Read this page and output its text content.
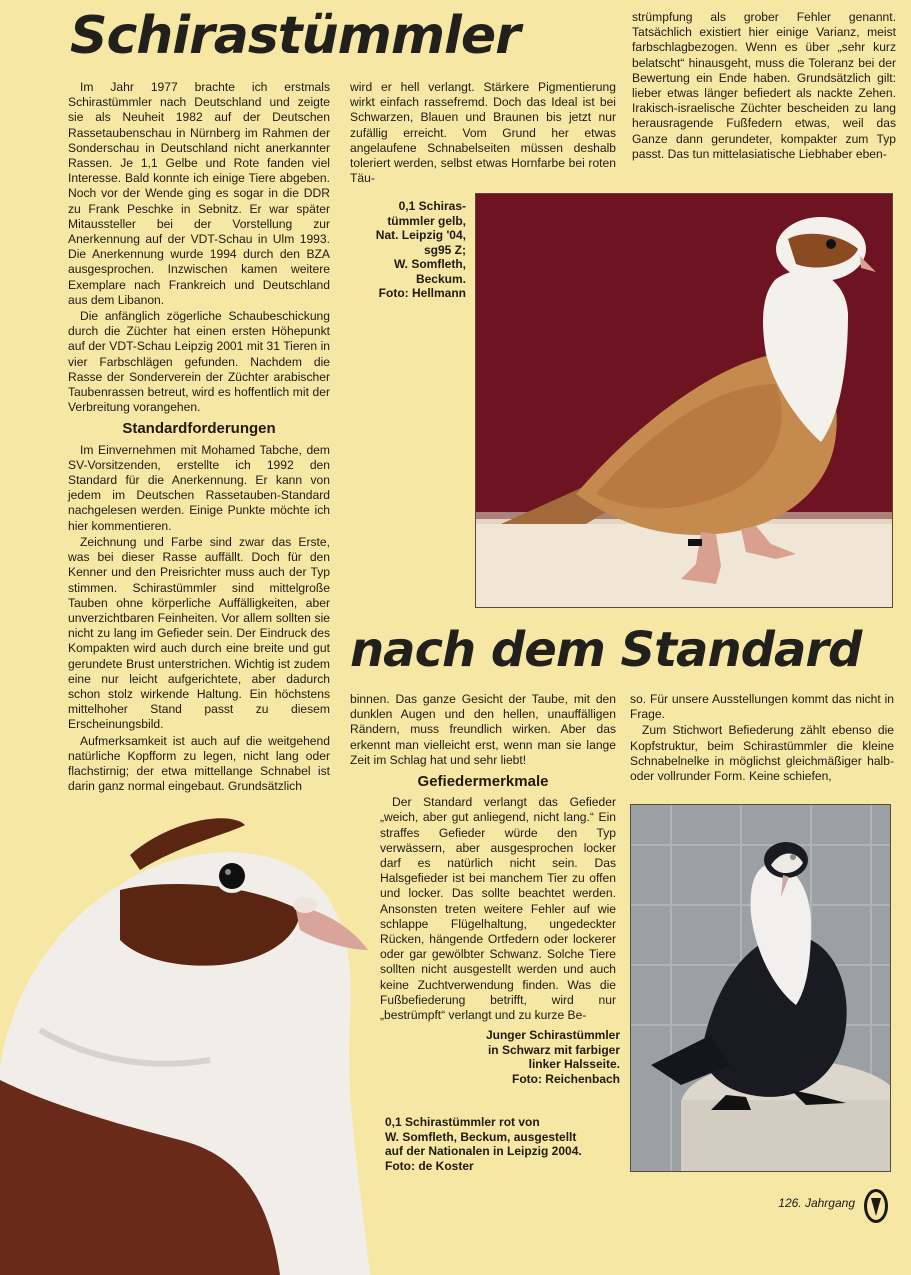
Schirastümmler

Im Jahr 1977 brachte ich erstmals Schirastümmler nach Deutschland und zeigte sie als Neuheit 1982 auf der Deutschen Rassetaubenschau in Nürnberg im Rahmen der Sonderschau in Deutschland nicht anerkannter Rassen. Je 1,1 Gelbe und Rote fanden viel Interesse. Bald konnte ich einige Tiere abgeben. Noch vor der Wende ging es sogar in die DDR zu Frank Peschke in Sebnitz. Er war später Mitaussteller bei der Vorstellung zur Anerkennung auf der VDT-Schau in Ulm 1993. Die Anerkennung wurde 1994 durch den BZA ausgesprochen. Inzwischen kamen weitere Exemplare nach Frankreich und Deutschland aus dem Libanon.

Die anfänglich zögerliche Schaubeschickung durch die Züchter hat einen ersten Höhepunkt auf der VDT-Schau Leipzig 2001 mit 31 Tieren in vier Farbschlägen gefunden. Nachdem die Rasse der Sonderverein der Züchter arabischer Taubenrassen betreut, wird es hoffentlich mit der Verbreitung vorangehen.

Standardforderungen

Im Einvernehmen mit Mohamed Tabche, dem SV-Vorsitzenden, erstellte ich 1992 den Standard für die Anerkennung. Er kann von jedem im Deutschen Rassetauben-Standard nachgelesen werden. Einige Punkte möchte ich hier kommentieren.

Zeichnung und Farbe sind zwar das Erste, was bei dieser Rasse auffällt. Doch für den Kenner und den Preisrichter muss auch der Typ stimmen. Schirastümmler sind mittelgroße Tauben ohne körperliche Auffälligkeiten, aber unverzichtbaren Feinheiten. Vor allem sollten sie nicht zu lang im Gefieder sein. Der Eindruck des Kompakten wird auch durch eine breite und gut gerundete Brust unterstrichen. Wichtig ist zudem eine nur leicht aufgerichtete, aber dadurch schon stolz wirkende Haltung. Ein höchstens mittelhoher Stand passt zu diesem Erscheinungsbild.

Aufmerksamkeit ist auch auf die weitgehend natürliche Kopfform zu legen, nicht lang oder flachstirnig; der etwa mittellange Schnabel ist darin ganz normal eingebaut. Grundsätzlich

wird er hell verlangt. Stärkere Pigmentierung wirkt einfach rassefremd. Doch das Ideal ist bei Schwarzen, Blauen und Braunen bis jetzt nur zufällig erreicht. Vom Grund her etwas angelaufene Schnabelseiten müssen deshalb toleriert werden, selbst etwas Hornfarbe bei roten Täu-

strümpfung als grober Fehler genannt. Tatsächlich existiert hier einige Varianz, meist farbschlagbezogen. Wenn es über „sehr kurz belatscht“ hinausgeht, muss die Toleranz bei der Bewertung ein Ende haben. Grundsätzlich gilt: lieber etwas länger befiedert als nackte Zehen. Irakisch-israelische Züchter bescheiden zu lang herausragende Fußfedern etwas, weil das Ganze dann gerundeter, kompakter zum Typ passt. Das tun mittelasiatische Liebhaber eben-

0,1 Schiras-
tümmler gelb,
Nat. Leipzig '04,
sg95 Z;
W. Somfleth,
Beckum.
Foto: Hellmann
nach dem Standard

binnen. Das ganze Gesicht der Taube, mit den dunklen Augen und den hellen, unauffälligen Rändern, muss freundlich wirken. Aber das erkennt man vielleicht erst, wenn man sie lange Zeit im Schlag hat und sehr liebt!

Gefiedermerkmale

Der Standard verlangt das Gefieder „weich, aber gut anliegend, nicht lang.“ Ein straffes Gefieder würde den Typ verwässern, aber ausgesprochen locker darf es natürlich nicht sein. Das Halsgefieder ist bei manchem Tier zu offen und locker. Das sollte beachtet werden. Ansonsten treten weitere Fehler auf wie schlappe Flügelhaltung, ungedeckter Rücken, hängende Ortfedern oder lockerer oder gar gewölbter Schwanz. Solche Tiere sollten nicht ausgestellt werden und auch keine Zuchtverwendung finden. Was die Fußbefiederung betrifft, wird nur „bestrümpft“ verlangt und zu kurze Be-

so. Für unsere Ausstellungen kommt das nicht in Frage.

Zum Stichwort Befiederung zählt ebenso die Kopfstruktur, beim Schirastümmler die kleine Schnabelnelke in möglichst gleichmäßiger halb- oder vollrunder Form. Keine schiefen,

Junger Schirastümmler
in Schwarz mit farbiger
linker Halsseite.
Foto: Reichenbach
0,1 Schirastümmler rot von
W. Somfleth, Beckum, ausgestellt
auf der Nationalen in Leipzig 2004.
Foto: de Koster
126. Jahrgang
